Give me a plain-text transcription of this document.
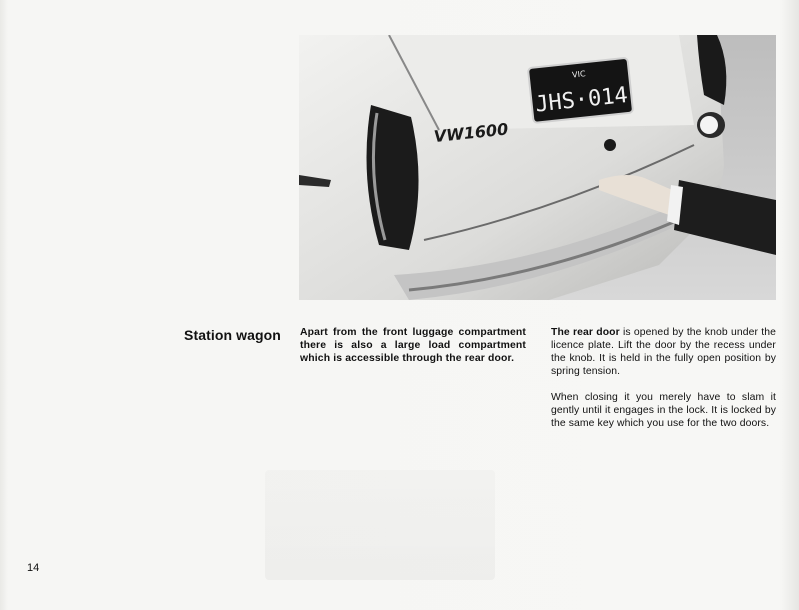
VW1600
VIC
JHS·014
Station wagon	Apart from the front luggage compartment there is also a large load compartment which is accessible through the rear door.

The rear door is opened by the knob under the licence plate. Lift the door by the recess under the knob. It is held in the fully open position by spring tension.

When closing it you merely have to slam it gently until it engages in the lock. It is locked by the same key which you use for the two doors.

14
